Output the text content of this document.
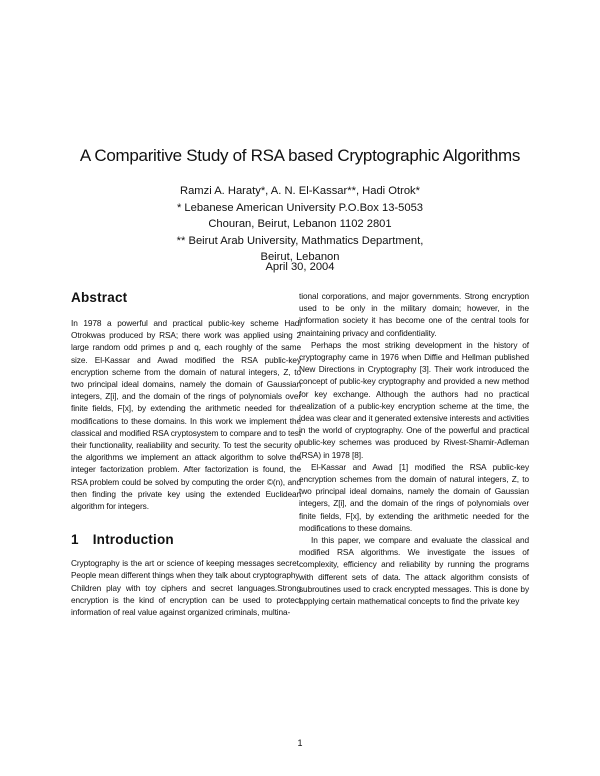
A Comparitive Study of RSA based Cryptographic Algorithms
Ramzi A. Haraty*, A. N. El-Kassar**, Hadi Otrok*
* Lebanese American University P.O.Box 13-5053
Chouran, Beirut, Lebanon 1102 2801
** Beirut Arab University, Mathmatics Department,
Beirut, Lebanon
April 30, 2004
Abstract

In 1978 a powerful and practical public-key scheme Hadi Otrokwas produced by RSA; there work was applied using 2 large random odd primes p and q, each roughly of the same size. El-Kassar and Awad modified the RSA public-key encryption scheme from the domain of natural integers, Z, to two principal ideal domains, namely the domain of Gaussian integers, Z[i], and the domain of the rings of polynomials over finite fields, F[x], by extending the arithmetic needed for the modifications to these domains. In this work we implement the classical and modified RSA cryptosystem to compare and to test their functionality, realiability and security. To test the security of the algorithms we implement an attack algorithm to solve the integer factorization problem. After factorization is found, the RSA problem could be solved by computing the order ©(n), and then finding the private key using the extended Euclidean algorithm for integers.

1 Introduction

Cryptography is the art or science of keeping messages secret. People mean different things when they talk about cryptography. Children play with toy ciphers and secret languages.Strong encryption is the kind of encryption can be used to protect information of real value against organized criminals, multina-

tional corporations, and major governments. Strong encryption used to be only in the military domain; however, in the information society it has become one of the central tools for maintaining privacy and confidentiality.

Perhaps the most striking development in the history of cryptography came in 1976 when Diffie and Hellman published New Directions in Cryptography [3]. Their work introduced the concept of public-key cryptography and provided a new method for key exchange. Although the authors had no practical realization of a public-key encryption scheme at the time, the idea was clear and it generated extensive interests and activities in the world of cryptography. One of the powerful and practical public-key schemes was produced by Rivest-Shamir-Adleman (RSA) in 1978 [8].

El-Kassar and Awad [1] modified the RSA public-key encryption schemes from the domain of natural integers, Z, to two principal ideal domains, namely the domain of Gaussian integers, Z[i], and the domain of the rings of polynomials over finite fields, F[x], by extending the arithmetic needed for the modifications to these domains.

In this paper, we compare and evaluate the classical and modified RSA algorithms. We investigate the issues of complexity, efficiency and reliability by running the programs with different sets of data. The attack algorithm consists of subroutines used to crack encrypted messages. This is done by applying certain mathematical concepts to find the private key

1
